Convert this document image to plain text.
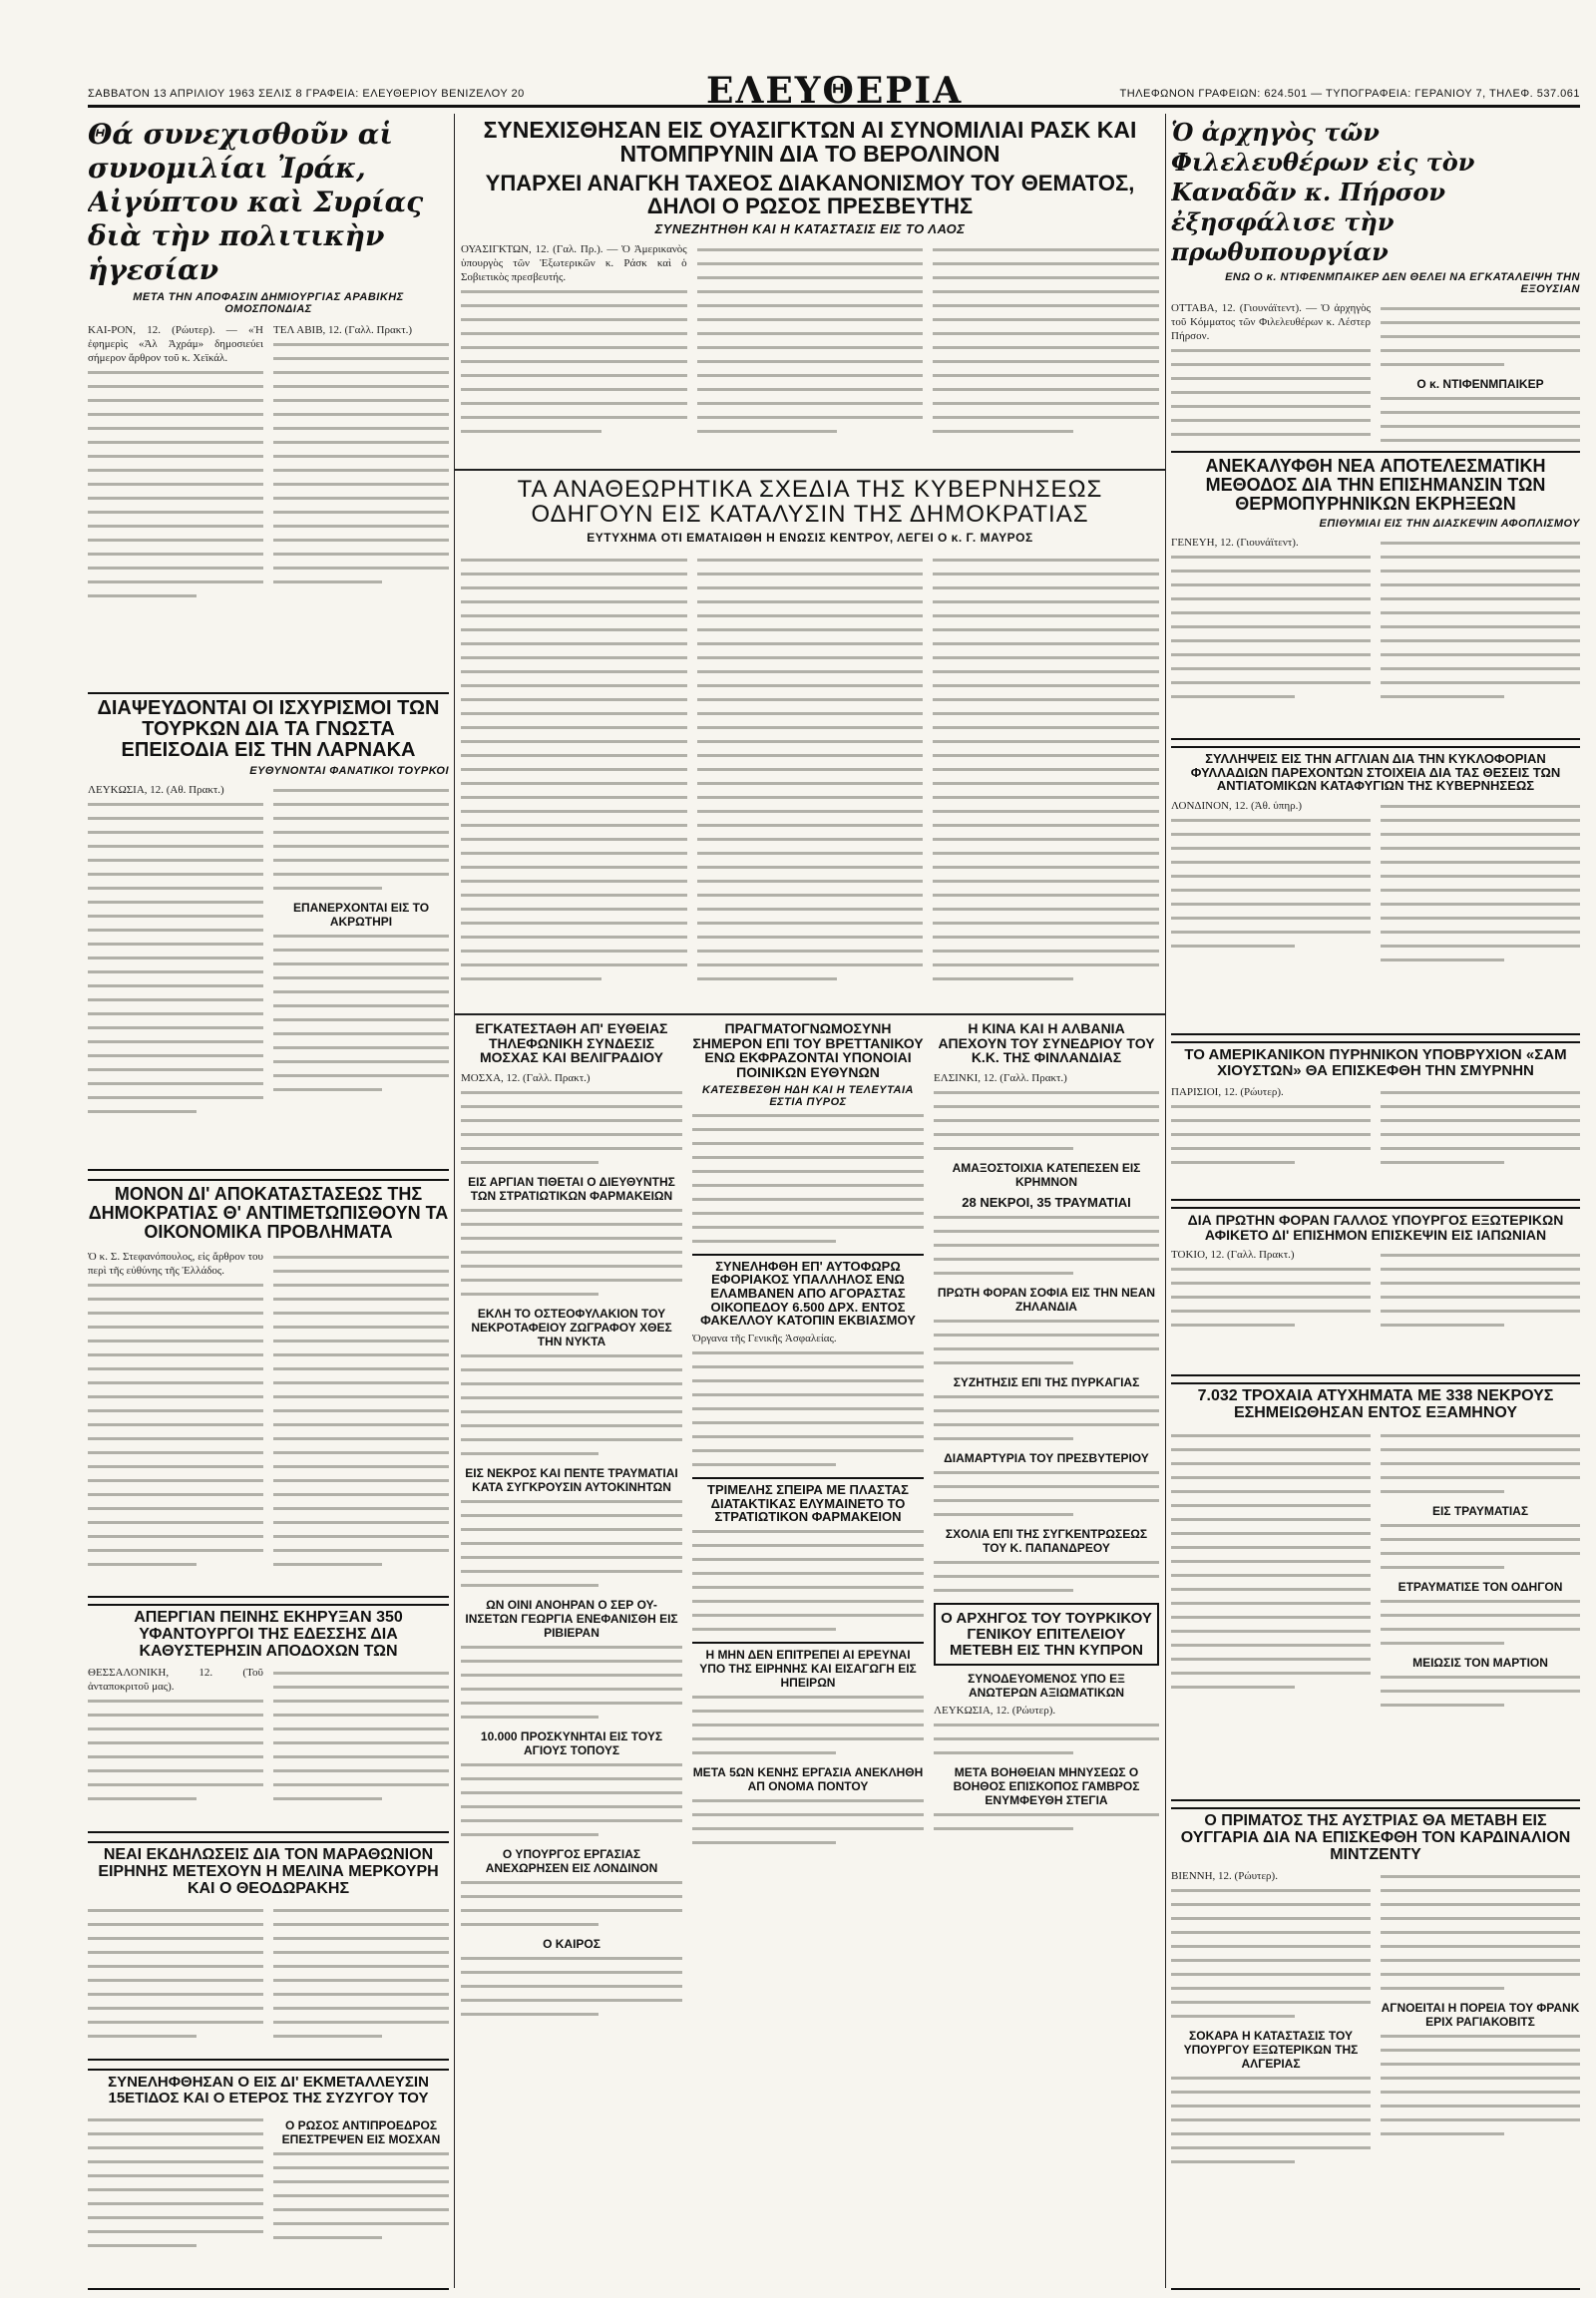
ΣΑΒΒΑΤΟΝ 13 ΑΠΡΙΛΙΟΥ 1963 ΣΕΛΙΣ 8 ΓΡΑΦΕΙΑ: ΕΛΕΥΘΕΡΙΟΥ ΒΕΝΙΖΕΛΟΥ 20	ΕΛΕΥΘΕΡΙΑ	ΤΗΛΕΦΩΝΟΝ ΓΡΑΦΕΙΩΝ: 624.501 — ΤΥΠΟΓΡΑΦΕΙΑ: ΓΕΡΑΝΙΟΥ 7, ΤΗΛΕΦ. 537.061
Θά συνεχισθοῦν αἱ συνομιλίαι Ἰράκ, Αἰγύπτου καὶ Συρίας διὰ τὴν πολιτικὴν ἡγεσίαν
ΜΕΤΑ ΤΗΝ ΑΠΟΦΑΣΙΝ ΔΗΜΙΟΥΡΓΙΑΣ ΑΡΑΒΙΚΗΣ ΟΜΟΣΠΟΝΔΙΑΣ
ΚΑΙ-ΡΟΝ, 12. (Ρώυτερ). — «Ἡ ἐφημερὶς «Ἀλ Ἀχράμ» δημοσιεύει σήμερον ἄρθρον τοῦ κ. Χεϊκάλ.
ΤΕΛ ΑΒΙΒ, 12. (Γαλλ. Πρακτ.)
ΔΙΑΨΕΥΔΟΝΤΑΙ ΟΙ ΙΣΧΥΡΙΣΜΟΙ ΤΩΝ ΤΟΥΡΚΩΝ ΔΙΑ ΤΑ ΓΝΩΣΤΑ ΕΠΕΙΣΟΔΙΑ ΕΙΣ ΤΗΝ ΛΑΡΝΑΚΑ
ΕΥΘΥΝΟΝΤΑΙ ΦΑΝΑΤΙΚΟΙ ΤΟΥΡΚΟΙ
ΛΕΥΚΩΣΙΑ, 12. (Αθ. Πρακτ.)
ΕΠΑΝΕΡΧΟΝΤΑΙ ΕΙΣ ΤΟ ΑΚΡΩΤΗΡΙ
ΜΟΝΟΝ ΔΙ' ΑΠΟΚΑΤΑΣΤΑΣΕΩΣ ΤΗΣ ΔΗΜΟΚΡΑΤΙΑΣ Θ' ΑΝΤΙΜΕΤΩΠΙΣΘΟΥΝ ΤΑ ΟΙΚΟΝΟΜΙΚΑ ΠΡΟΒΛΗΜΑΤΑ
Ὁ κ. Σ. Στεφανόπουλος, εἰς ἄρθρον του περὶ τῆς εὐθύνης τῆς Ἑλλάδος.
ΑΠΕΡΓΙΑΝ ΠΕΙΝΗΣ ΕΚΗΡΥΞΑΝ 350 ΥΦΑΝΤΟΥΡΓΟΙ ΤΗΣ ΕΔΕΣΣΗΣ ΔΙΑ ΚΑΘΥΣΤΕΡΗΣΙΝ ΑΠΟΔΟΧΩΝ ΤΩΝ
ΘΕΣΣΑΛΟΝΙΚΗ, 12. (Τοῦ ἀνταποκριτοῦ μας).
ΝΕΑΙ ΕΚΔΗΛΩΣΕΙΣ ΔΙΑ ΤΟΝ ΜΑΡΑΘΩΝΙΟΝ ΕΙΡΗΝΗΣ ΜΕΤΕΧΟΥΝ Η ΜΕΛΙΝΑ ΜΕΡΚΟΥΡΗ ΚΑΙ Ο ΘΕΟΔΩΡΑΚΗΣ
ΣΥΝΕΛΗΦΘΗΣΑΝ Ο ΕΙΣ ΔΙ' ΕΚΜΕΤΑΛΛΕΥΣΙΝ 15ΕΤΙΔΟΣ ΚΑΙ Ο ΕΤΕΡΟΣ ΤΗΣ ΣΥΖΥΓΟΥ ΤΟΥ
Ο ΡΩΣΟΣ ΑΝΤΙΠΡΟΕΔΡΟΣ ΕΠΕΣΤΡΕΨΕΝ ΕΙΣ ΜΟΣΧΑΝ
ΣΥΝΕΧΙΣΘΗΣΑΝ ΕΙΣ ΟΥΑΣΙΓΚΤΩΝ ΑΙ ΣΥΝΟΜΙΛΙΑΙ ΡΑΣΚ ΚΑΙ ΝΤΟΜΠΡΥΝΙΝ ΔΙΑ ΤΟ ΒΕΡΟΛΙΝΟΝ
ΥΠΑΡΧΕΙ ΑΝΑΓΚΗ ΤΑΧΕΟΣ ΔΙΑΚΑΝΟΝΙΣΜΟΥ ΤΟΥ ΘΕΜΑΤΟΣ, ΔΗΛΟΙ Ο ΡΩΣΟΣ ΠΡΕΣΒΕΥΤΗΣ
ΣΥΝΕΖΗΤΗΘΗ ΚΑΙ Η ΚΑΤΑΣΤΑΣΙΣ ΕΙΣ ΤΟ ΛΑΟΣ
ΟΥΑΣΙΓΚΤΩΝ, 12. (Γαλ. Πρ.). — Ὁ Ἀμερικανὸς ὑπουργὸς τῶν Ἐξωτερικῶν κ. Ράσκ καὶ ὁ Σοβιετικὸς πρεσβευτής.
ΤΑ ΑΝΑΘΕΩΡΗΤΙΚΑ ΣΧΕΔΙΑ ΤΗΣ ΚΥΒΕΡΝΗΣΕΩΣ ΟΔΗΓΟΥΝ ΕΙΣ ΚΑΤΑΛΥΣΙΝ ΤΗΣ ΔΗΜΟΚΡΑΤΙΑΣ
ΕΥΤΥΧΗΜΑ ΟΤΙ ΕΜΑΤΑΙΩΘΗ Η ΕΝΩΣΙΣ ΚΕΝΤΡΟΥ, ΛΕΓΕΙ Ο κ. Γ. ΜΑΥΡΟΣ
ΕΓΚΑΤΕΣΤΑΘΗ ΑΠ' ΕΥΘΕΙΑΣ ΤΗΛΕΦΩΝΙΚΗ ΣΥΝΔΕΣΙΣ ΜΟΣΧΑΣ ΚΑΙ ΒΕΛΙΓΡΑΔΙΟΥ
ΜΟΣΧΑ, 12. (Γαλλ. Πρακτ.)
ΕΙΣ ΑΡΓΙΑΝ ΤΙΘΕΤΑΙ Ο ΔΙΕΥΘΥΝΤΗΣ ΤΩΝ ΣΤΡΑΤΙΩΤΙΚΩΝ ΦΑΡΜΑΚΕΙΩΝ
ΕΚΛΗ ΤΟ ΟΣΤΕΟΦΥΛΑΚΙΟΝ ΤΟΥ ΝΕΚΡΟΤΑΦΕΙΟΥ ΖΩΓΡΑΦΟΥ ΧΘΕΣ ΤΗΝ ΝΥΚΤΑ
ΕΙΣ ΝΕΚΡΟΣ ΚΑΙ ΠΕΝΤΕ ΤΡΑΥΜΑΤΙΑΙ ΚΑΤΑ ΣΥΓΚΡΟΥΣΙΝ ΑΥΤΟΚΙΝΗΤΩΝ
ΩΝ ΟΙΝΙ ΑΝΟΗΡΑΝ Ο ΣΕΡ ΟΥ-ΙΝΣΕΤΩΝ ΓΕΩΡΓΙΑ ΕΝΕΦΑΝΙΣΘΗ ΕΙΣ ΡΙΒΙΕΡΑΝ
10.000 ΠΡΟΣΚΥΝΗΤΑΙ ΕΙΣ ΤΟΥΣ ΑΓΙΟΥΣ ΤΟΠΟΥΣ
Ο ΥΠΟΥΡΓΟΣ ΕΡΓΑΣΙΑΣ ΑΝΕΧΩΡΗΣΕΝ ΕΙΣ ΛΟΝΔΙΝΟΝ
Ο ΚΑΙΡΟΣ
ΠΡΑΓΜΑΤΟΓΝΩΜΟΣΥΝΗ ΣΗΜΕΡΟΝ ΕΠΙ ΤΟΥ ΒΡΕΤΤΑΝΙΚΟΥ ΕΝΩ ΕΚΦΡΑΖΟΝΤΑΙ ΥΠΟΝΟΙΑΙ ΠΟΙΝΙΚΩΝ ΕΥΘΥΝΩΝ
ΚΑΤΕΣΒΕΣΘΗ ΗΔΗ ΚΑΙ Η ΤΕΛΕΥΤΑΙΑ ΕΣΤΙΑ ΠΥΡΟΣ
ΣΥΝΕΛΗΦΘΗ ΕΠ' ΑΥΤΟΦΩΡΩ ΕΦΟΡΙΑΚΟΣ ΥΠΑΛΛΗΛΟΣ ΕΝΩ ΕΛΑΜΒΑΝΕΝ ΑΠΟ ΑΓΟΡΑΣΤΑΣ ΟΙΚΟΠΕΔΟΥ 6.500 ΔΡΧ. ΕΝΤΟΣ ΦΑΚΕΛΛΟΥ ΚΑΤΟΠΙΝ ΕΚΒΙΑΣΜΟΥ
Ὀργανα τῆς Γενικῆς Ἀσφαλείας.
ΤΡΙΜΕΛΗΣ ΣΠΕΙΡΑ ΜΕ ΠΛΑΣΤΑΣ ΔΙΑΤΑΚΤΙΚΑΣ ΕΛΥΜΑΙΝΕΤΟ ΤΟ ΣΤΡΑΤΙΩΤΙΚΟΝ ΦΑΡΜΑΚΕΙΟΝ
Η ΜΗΝ ΔΕΝ ΕΠΙΤΡΕΠΕΙ ΑΙ ΕΡΕΥΝΑΙ ΥΠΟ ΤΗΣ ΕΙΡΗΝΗΣ ΚΑΙ ΕΙΣΑΓΩΓΗ ΕΙΣ ΗΠΕΙΡΩΝ
ΜΕΤΑ 5ΩΝ ΚΕΝΗΣ ΕΡΓΑΣΙΑ ΑΝΕΚΛΗΘΗ ΑΠ ΟΝΟΜΑ ΠΟΝΤΟΥ
Η ΚΙΝΑ ΚΑΙ Η ΑΛΒΑΝΙΑ ΑΠΕΧΟΥΝ ΤΟΥ ΣΥΝΕΔΡΙΟΥ ΤΟΥ Κ.Κ. ΤΗΣ ΦΙΝΛΑΝΔΙΑΣ
ΕΛΣΙΝΚΙ, 12. (Γαλλ. Πρακτ.)
ΑΜΑΞΟΣΤΟΙΧΙΑ ΚΑΤΕΠΕΣΕΝ ΕΙΣ ΚΡΗΜΝΟΝ
28 ΝΕΚΡΟΙ, 35 ΤΡΑΥΜΑΤΙΑΙ
ΠΡΩΤΗ ΦΟΡΑΝ ΣΟΦΙΑ ΕΙΣ ΤΗΝ ΝΕΑΝ ΖΗΛΑΝΔΙΑ
ΣΥΖΗΤΗΣΙΣ ΕΠΙ ΤΗΣ ΠΥΡΚΑΓΙΑΣ
ΔΙΑΜΑΡΤΥΡΙΑ ΤΟΥ ΠΡΕΣΒΥΤΕΡΙΟΥ
ΣΧΟΛΙΑ ΕΠΙ ΤΗΣ ΣΥΓΚΕΝΤΡΩΣΕΩΣ ΤΟΥ Κ. ΠΑΠΑΝΔΡΕΟΥ
Ο ΑΡΧΗΓΟΣ ΤΟΥ ΤΟΥΡΚΙΚΟΥ ΓΕΝΙΚΟΥ ΕΠΙΤΕΛΕΙΟΥ ΜΕΤΕΒΗ ΕΙΣ ΤΗΝ ΚΥΠΡΟΝ
ΣΥΝΟΔΕΥΟΜΕΝΟΣ ΥΠΟ ΕΞ ΑΝΩΤΕΡΩΝ ΑΞΙΩΜΑΤΙΚΩΝ
ΛΕΥΚΩΣΙΑ, 12. (Ρώυτερ).
ΜΕΤΑ ΒΟΗΘΕΙΑΝ ΜΗΝΥΣΕΩΣ Ο ΒΟΗΘΟΣ ΕΠΙΣΚΟΠΟΣ ΓΑΜΒΡΟΣ ΕΝΥΜΦΕΥΘΗ ΣΤΕΓΙΑ
Ὁ ἀρχηγὸς τῶν Φιλελευθέρων εἰς τὸν Καναδᾶν κ. Πήρσον ἐξησφάλισε τὴν πρωθυπουργίαν
ΕΝΩ Ο κ. ΝΤΙΦΕΝΜΠΑΙΚΕΡ ΔΕΝ ΘΕΛΕΙ ΝΑ ΕΓΚΑΤΑΛΕΙΨΗ ΤΗΝ ΕΞΟΥΣΙΑΝ
ΟΤΤΑΒΑ, 12. (Γιουνάϊτεντ). — Ὁ ἀρχηγὸς τοῦ Κόμματος τῶν Φιλελευθέρων κ. Λέστερ Πήρσον.
Ο κ. ΝΤΙΦΕΝΜΠΑΙΚΕΡ
ΑΝΕΚΑΛΥΦΘΗ ΝΕΑ ΑΠΟΤΕΛΕΣΜΑΤΙΚΗ ΜΕΘΟΔΟΣ ΔΙΑ ΤΗΝ ΕΠΙΣΗΜΑΝΣΙΝ ΤΩΝ ΘΕΡΜΟΠΥΡΗΝΙΚΩΝ ΕΚΡΗΞΕΩΝ
ΕΠΙΘΥΜΙΑΙ ΕΙΣ ΤΗΝ ΔΙΑΣΚΕΨΙΝ ΑΦΟΠΛΙΣΜΟΥ
ΓΕΝΕΥΗ, 12. (Γιουνάϊτεντ).
ΣΥΛΛΗΨΕΙΣ ΕΙΣ ΤΗΝ ΑΓΓΛΙΑΝ ΔΙΑ ΤΗΝ ΚΥΚΛΟΦΟΡΙΑΝ ΦΥΛΛΑΔΙΩΝ ΠΑΡΕΧΟΝΤΩΝ ΣΤΟΙΧΕΙΑ ΔΙΑ ΤΑΣ ΘΕΣΕΙΣ ΤΩΝ ΑΝΤΙΑΤΟΜΙΚΩΝ ΚΑΤΑΦΥΓΙΩΝ ΤΗΣ ΚΥΒΕΡΝΗΣΕΩΣ
ΛΟΝΔΙΝΟΝ, 12. (Ἀθ. ὑπηρ.)
ΤΟ ΑΜΕΡΙΚΑΝΙΚΟΝ ΠΥΡΗΝΙΚΟΝ ΥΠΟΒΡΥΧΙΟΝ «ΣΑΜ ΧΙΟΥΣΤΩΝ» ΘΑ ΕΠΙΣΚΕΦΘΗ ΤΗΝ ΣΜΥΡΝΗΝ
ΠΑΡΙΣΙΟΙ, 12. (Ρώυτερ).
ΔΙΑ ΠΡΩΤΗΝ ΦΟΡΑΝ ΓΑΛΛΟΣ ΥΠΟΥΡΓΟΣ ΕΞΩΤΕΡΙΚΩΝ ΑΦΙΚΕΤΟ ΔΙ' ΕΠΙΣΗΜΟΝ ΕΠΙΣΚΕΨΙΝ ΕΙΣ ΙΑΠΩΝΙΑΝ
ΤΟΚΙΟ, 12. (Γαλλ. Πρακτ.)
7.032 ΤΡΟΧΑΙΑ ΑΤΥΧΗΜΑΤΑ ΜΕ 338 ΝΕΚΡΟΥΣ ΕΣΗΜΕΙΩΘΗΣΑΝ ΕΝΤΟΣ ΕΞΑΜΗΝΟΥ
ΕΙΣ ΤΡΑΥΜΑΤΙΑΣ
ΕΤΡΑΥΜΑΤΙΣΕ ΤΟΝ ΟΔΗΓΟΝ
ΜΕΙΩΣΙΣ ΤΟΝ ΜΑΡΤΙΟΝ
Ο ΠΡΙΜΑΤΟΣ ΤΗΣ ΑΥΣΤΡΙΑΣ ΘΑ ΜΕΤΑΒΗ ΕΙΣ ΟΥΓΓΑΡΙΑ ΔΙΑ ΝΑ ΕΠΙΣΚΕΦΘΗ ΤΟΝ ΚΑΡΔΙΝΑΛΙΟΝ ΜΙΝΤΖΕΝΤΥ
ΒΙΕΝΝΗ, 12. (Ρώυτερ).
ΣΟΚΑΡΑ Η ΚΑΤΑΣΤΑΣΙΣ ΤΟΥ ΥΠΟΥΡΓΟΥ ΕΞΩΤΕΡΙΚΩΝ ΤΗΣ ΑΛΓΕΡΙΑΣ
ΑΓΝΟΕΙΤΑΙ Η ΠΟΡΕΙΑ ΤΟΥ ΦΡΑΝΚ ΕΡΙΧ ΡΑΓΙΑΚΟΒΙΤΣ
